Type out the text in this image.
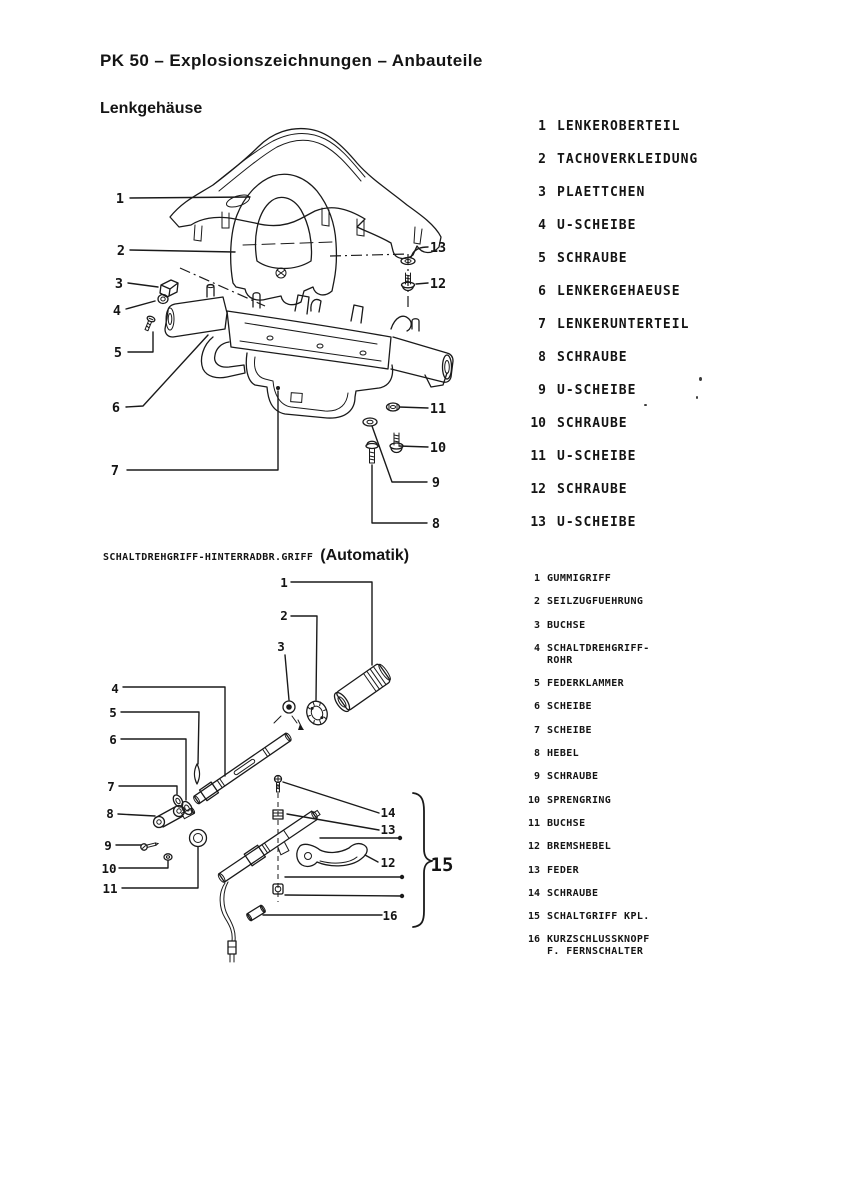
PK 50 – Explosionszeichnungen – Anbauteile
Lenkgehäuse
1
2
3
4
5
6
7
8
9
10
11
12
13
1 LENKEROBERTEIL
2 TACHOVERKLEIDUNG
3 PLAETTCHEN
4 U-SCHEIBE
5 SCHRAUBE
6 LENKERGEHAEUSE
7 LENKERUNTERTEIL
8 SCHRAUBE
9 U-SCHEIBE
10 SCHRAUBE
11 U-SCHEIBE
12 SCHRAUBE
13 U-SCHEIBE
SCHALTDREHGRIFF-HINTERRADBR.GRIFF (Automatik)
1
2
3
4
5
6
7
8
9
10
11
12
13
14
15
16
1 GUMMIGRIFF
2 SEILZUGFUEHRUNG
3 BUCHSE
4 SCHALTDREHGRIFF-
ROHR
5 FEDERKLAMMER
6 SCHEIBE
7 SCHEIBE
8 HEBEL
9 SCHRAUBE
10 SPRENGRING
11 BUCHSE
12 BREMSHEBEL
13 FEDER
14 SCHRAUBE
15 SCHALTGRIFF KPL.
16 KURZSCHLUSSKNOPF
F. FERNSCHALTER
